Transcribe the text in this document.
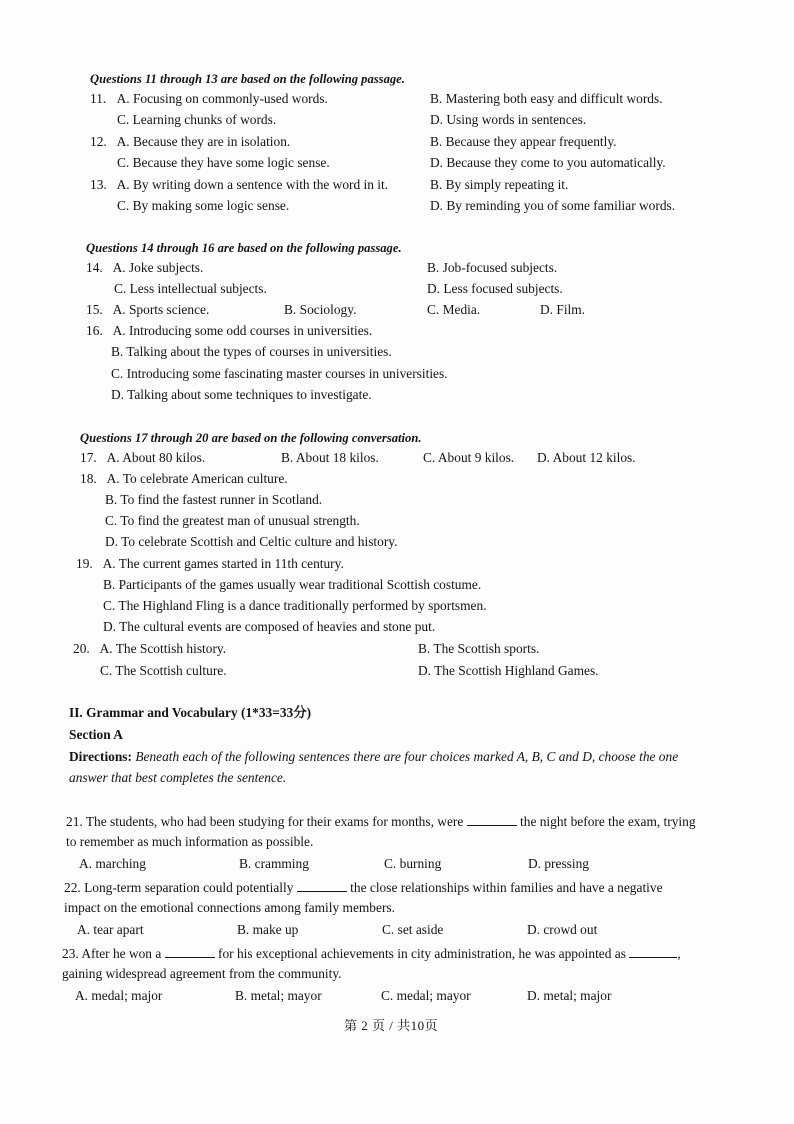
Questions 11 through 13 are based on the following passage.
11. A. Focusing on commonly-used words.	B. Mastering both easy and difficult words.
C. Learning chunks of words.	D. Using words in sentences.
12. A. Because they are in isolation.	B. Because they appear frequently.
C. Because they have some logic sense.	D. Because they come to you automatically.
13. A. By writing down a sentence with the word in it.	B. By simply repeating it.
C. By making some logic sense.	D. By reminding you of some familiar words.
Questions 14 through 16 are based on the following passage.
14. A. Joke subjects.	B. Job-focused subjects.
C. Less intellectual subjects.	D. Less focused subjects.
15. A. Sports science.	B. Sociology.	C. Media.	D. Film.
16. A. Introducing some odd courses in universities.
B. Talking about the types of courses in universities.
C. Introducing some fascinating master courses in universities.
D. Talking about some techniques to investigate.
Questions 17 through 20 are based on the following conversation.
17. A. About 80 kilos.	B. About 18 kilos.	C. About 9 kilos. D. About 12 kilos.
18. A. To celebrate American culture.
B. To find the fastest runner in Scotland.
C. To find the greatest man of unusual strength.
D. To celebrate Scottish and Celtic culture and history.
19. A. The current games started in 11th century.
B. Participants of the games usually wear traditional Scottish costume.
C. The Highland Fling is a dance traditionally performed by sportsmen.
D. The cultural events are composed of heavies and stone put.
20. A. The Scottish history.	B. The Scottish sports.
C. The Scottish culture.	D. The Scottish Highland Games.
II. Grammar and Vocabulary (1*33=33分)
Section A
Directions: Beneath each of the following sentences there are four choices marked A, B, C and D, choose the one
answer that best completes the sentence.
21. The students, who had been studying for their exams for months, were	the night before the exam, trying
to remember as much information as possible.
A. marching	B. cramming	C. burning	D. pressing
22. Long-term separation could potentially	the close relationships within families and have a negative
impact on the emotional connections among family members.
A. tear apart	B. make up	C. set aside	D. crowd out
23. After he won a	for his exceptional achievements in city administration, he was appointed as	,
gaining widespread agreement from the community.
A. medal; major	B. metal; mayor	C. medal; mayor	D. metal; major
第 2 页 / 共10页
